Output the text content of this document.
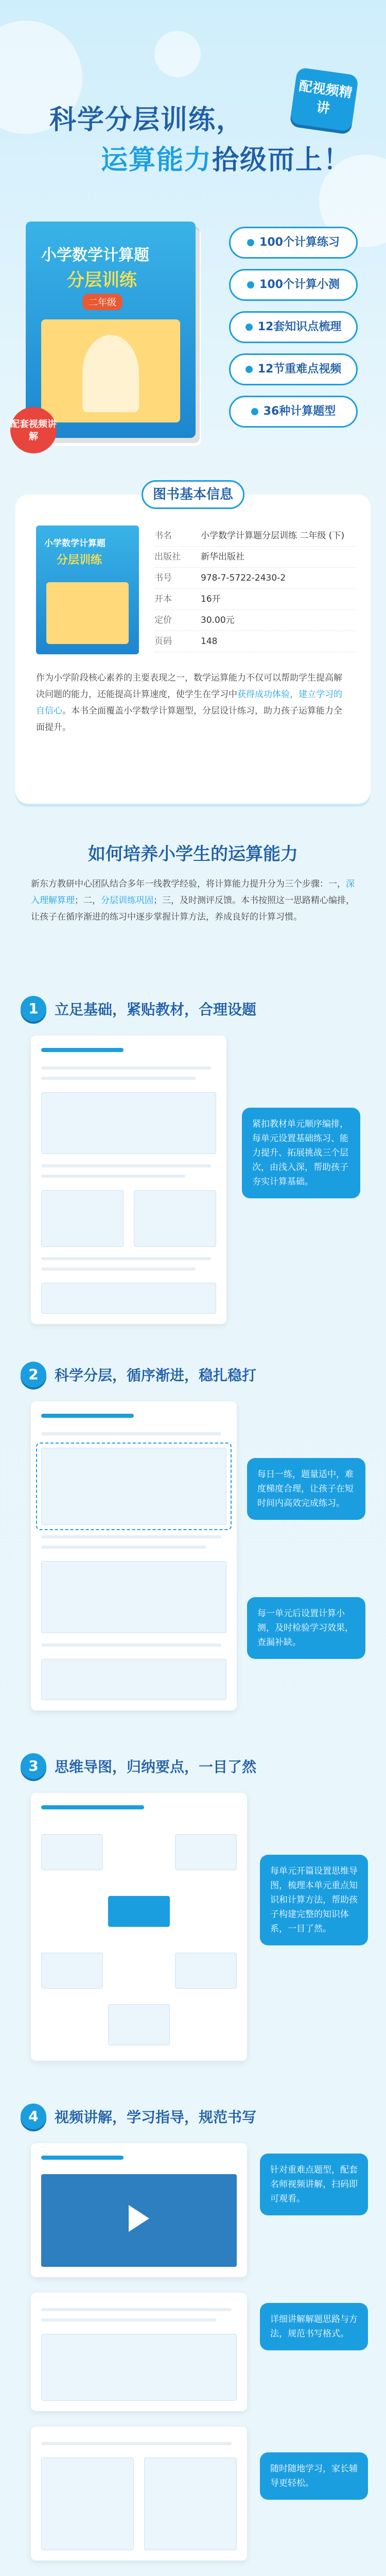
科学分层训练，
运算能力拾级而上！
配视频精讲
小学数学计算题
分层训练
二年级
配套视频讲解
100个计算练习
100个计算小测
12套知识点梳理
12节重难点视频
36种计算题型
图书基本信息
小学数学计算题
分层训练
书名	小学数学计算题分层训练 二年级 (下)
出版社	新华出版社
书号	978-7-5722-2430-2
开本	16开
定价	30.00元
页码	148
作为小学阶段核心素养的主要表现之一，数学运算能力不仅可以帮助学生提高解决问题的能力，还能提高计算速度，使学生在学习中获得成功体验，建立学习的自信心。本书全面覆盖小学数学计算题型，分层设计练习，助力孩子运算能力全面提升。
如何培养小学生的运算能力
新东方教研中心团队结合多年一线教学经验，将计算能力提升分为三个步骤：一，深入理解算理；二，分层训练巩固；三，及时测评反馈。本书按照这一思路精心编排，让孩子在循序渐进的练习中逐步掌握计算方法，养成良好的计算习惯。
1	立足基础，紧贴教材，合理设题
紧扣教材单元顺序编排，每单元设置基础练习、能力提升、拓展挑战三个层次，由浅入深，帮助孩子夯实计算基础。
2	科学分层，循序渐进，稳扎稳打
每日一练，题量适中，难度梯度合理，让孩子在短时间内高效完成练习。
每一单元后设置计算小测，及时检验学习效果，查漏补缺。
3	思维导图，归纳要点，一目了然
每单元开篇设置思维导图，梳理本单元重点知识和计算方法，帮助孩子构建完整的知识体系，一目了然。
4	视频讲解，学习指导，规范书写
针对重难点题型，配套名师视频讲解，扫码即可观看。
详细讲解解题思路与方法，规范书写格式。
随时随地学习，家长辅导更轻松。
